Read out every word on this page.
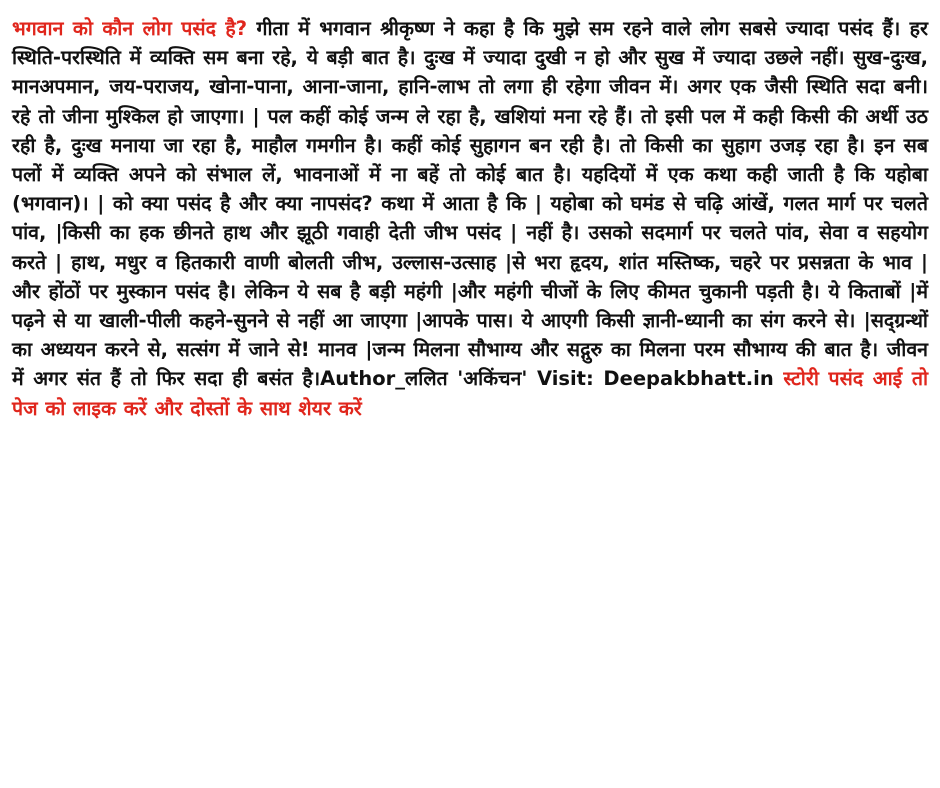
भगवान को कौन लोग पसंद है? गीता में भगवान श्रीकृष्ण ने कहा है कि मुझे सम रहने वाले लोग सबसे ज्यादा पसंद हैं। हर स्थिति-परस्थिति में व्यक्ति सम बना रहे, ये बड़ी बात है। दुःख में ज्यादा दुखी न हो और सुख में ज्यादा उछले नहीं। सुख-दुःख, मानअपमान, जय-पराजय, खोना-पाना, आना-जाना, हानि-लाभ तो लगा ही रहेगा जीवन में। अगर एक जैसी स्थिति सदा बनी। रहे तो जीना मुश्किल हो जाएगा। | पल कहीं कोई जन्म ले रहा है, खशियां मना रहे हैं। तो इसी पल में कही किसी की अर्थी उठ रही है, दुःख मनाया जा रहा है, माहौल गमगीन है। कहीं कोई सुहागन बन रही है। तो किसी का सुहाग उजड़ रहा है। इन सब पलों में व्यक्ति अपने को संभाल लें, भावनाओं में ना बहें तो कोई बात है। यहदियों में एक कथा कही जाती है कि यहोबा (भगवान)। | को क्या पसंद है और क्या नापसंद? कथा में आता है कि | यहोबा को घमंड से चढ़ि आंखें, गलत मार्ग पर चलते पांव, |किसी का हक छीनते हाथ और झूठी गवाही देती जीभ पसंद | नहीं है। उसको सदमार्ग पर चलते पांव, सेवा व सहयोग करते | हाथ, मधुर व हितकारी वाणी बोलती जीभ, उल्लास-उत्साह |से भरा हृदय, शांत मस्तिष्क, चहरे पर प्रसन्नता के भाव |और होंठों पर मुस्कान पसंद है। लेकिन ये सब है बड़ी महंगी |और महंगी चीजों के लिए कीमत चुकानी पड़ती है। ये किताबों |में पढ़ने से या खाली-पीली कहने-सुनने से नहीं आ जाएगा |आपके पास। ये आएगी किसी ज्ञानी-ध्यानी का संग करने से। |सद्ग्रन्थों का अध्ययन करने से, सत्संग में जाने से! मानव |जन्म मिलना सौभाग्य और सद्गुरु का मिलना परम सौभाग्य की बात है। जीवन में अगर संत हैं तो फिर सदा ही बसंत है।Author_ललित 'अकिंचन' Visit: Deepakbhatt.in स्टोरी पसंद आई तो पेज को लाइक करें और दोस्तों के साथ शेयर करें
